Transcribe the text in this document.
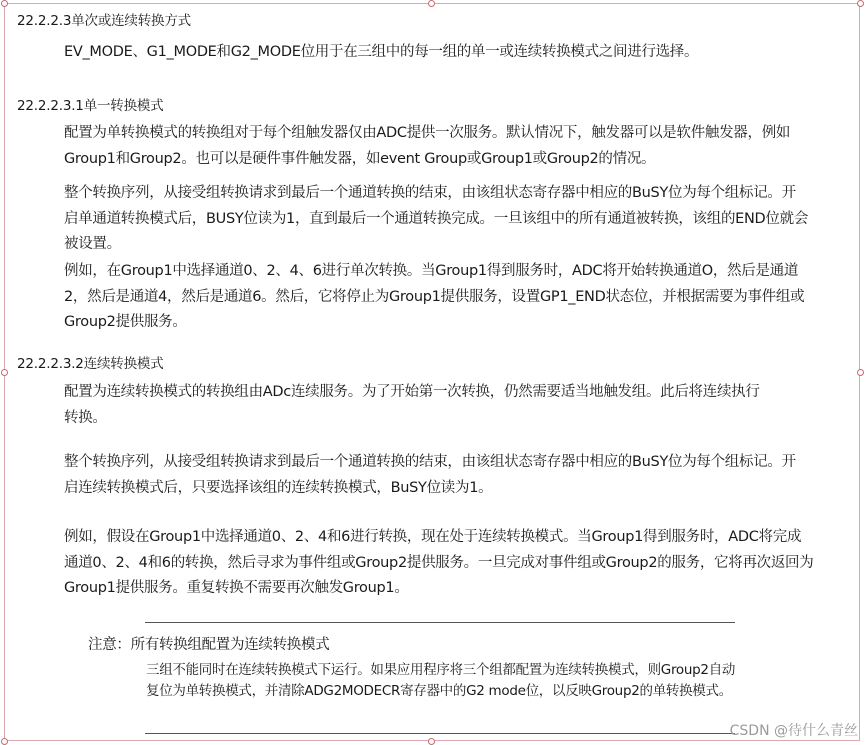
22.2.2.3单次或连续转换方式
EV_MODE、G1_MODE和G2_MODE位用于在三组中的每一组的单一或连续转换模式之间进行选择。
22.2.2.3.1单一转换模式
配置为单转换模式的转换组对于每个组触发器仅由ADC提供一次服务。默认情况下，触发器可以是软件触发器，例如Group1和Group2。也可以是硬件事件触发器，如event Group或Group1或Group2的情况。
整个转换序列，从接受组转换请求到最后一个通道转换的结束，由该组状态寄存器中相应的BuSY位为每个组标记。开启单通道转换模式后，BUSY位读为1，直到最后一个通道转换完成。一旦该组中的所有通道被转换，该组的END位就会被设置。
例如，在Group1中选择通道0、2、4、6进行单次转换。当Group1得到服务时，ADC将开始转换通道O，然后是通道2，然后是通道4，然后是通道6。然后，它将停止为Group1提供服务，设置GP1_END状态位，并根据需要为事件组或Group2提供服务。
22.2.2.3.2连续转换模式
配置为连续转换模式的转换组由ADc连续服务。为了开始第一次转换，仍然需要适当地触发组。此后将连续执行转换。
整个转换序列，从接受组转换请求到最后一个通道转换的结束，由该组状态寄存器中相应的BuSY位为每个组标记。开启连续转换模式后，只要选择该组的连续转换模式，BuSY位读为1。
例如，假设在Group1中选择通道0、2、4和6进行转换，现在处于连续转换模式。当Group1得到服务时，ADC将完成通道0、2、4和6的转换，然后寻求为事件组或Group2提供服务。一旦完成对事件组或Group2的服务，它将再次返回为Group1提供服务。重复转换不需要再次触发Group1。
注意：所有转换组配置为连续转换模式
三组不能同时在连续转换模式下运行。如果应用程序将三个组都配置为连续转换模式，则Group2自动复位为单转换模式，并清除ADG2MODECR寄存器中的G2 mode位，以反映Group2的单转换模式。
CSDN @待什么青丝
